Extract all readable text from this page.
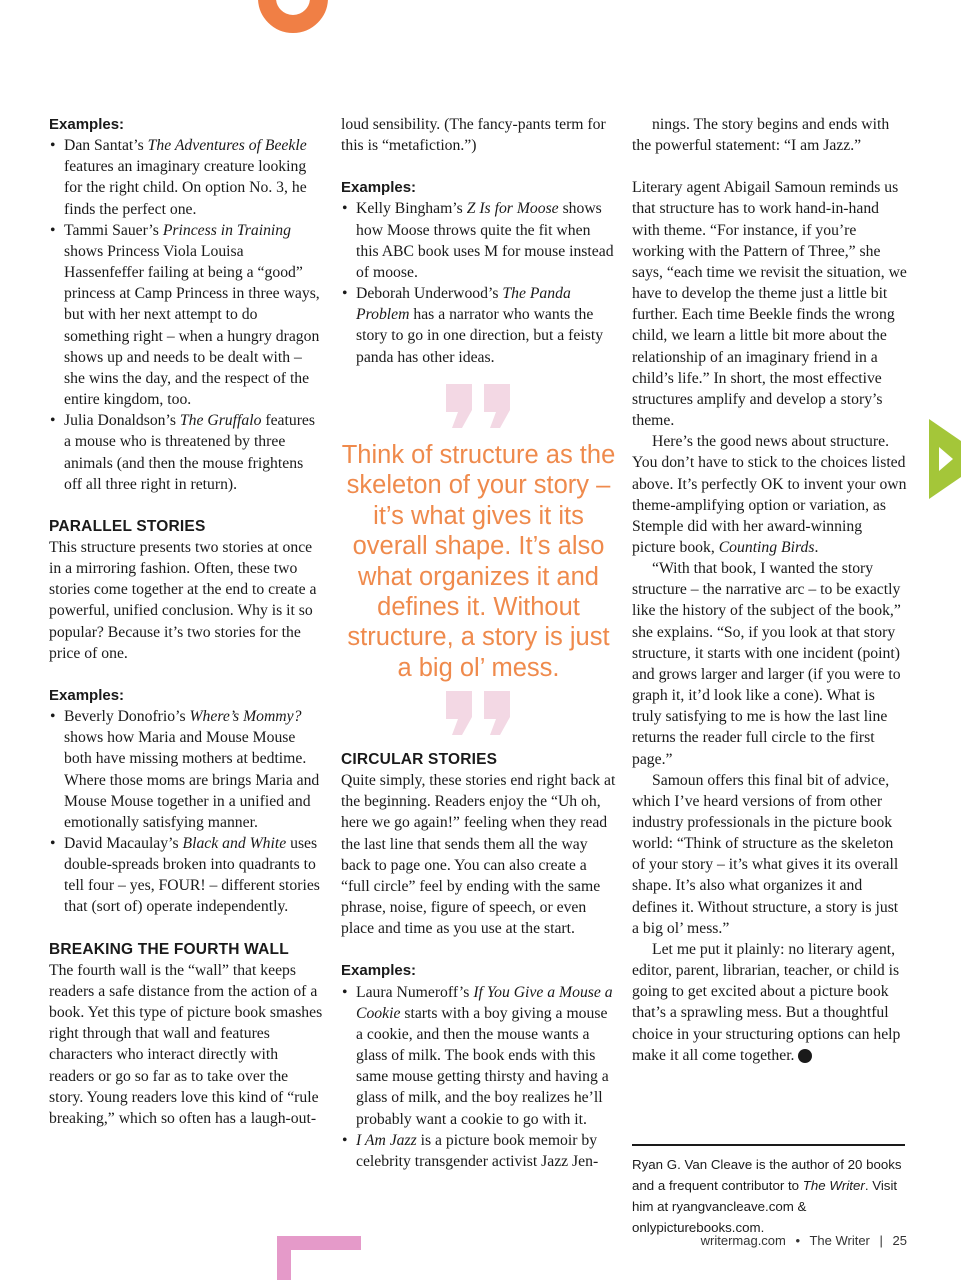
Examples:

• Dan Santat’s The Adventures of Beekle features an imaginary creature looking for the right child. On option No. 3, he finds the perfect one.
• Tammi Sauer’s Princess in Training shows Princess Viola Louisa Hassenfeffer failing at being a “good” princess at Camp Princess in three ways, but with her next attempt to do something right – when a hungry dragon shows up and needs to be dealt with – she wins the day, and the respect of the entire kingdom, too.
• Julia Donaldson’s The Gruffalo features a mouse who is threatened by three animals (and then the mouse frightens off all three right in return).

PARALLEL STORIES

This structure presents two stories at once in a mirroring fashion. Often, these two stories come together at the end to create a powerful, unified conclusion. Why is it so popular? Because it’s two stories for the price of one.

Examples:

• Beverly Donofrio’s Where’s Mommy? shows how Maria and Mouse Mouse both have missing mothers at bedtime. Where those moms are brings Maria and Mouse Mouse together in a unified and emotionally satisfying manner.
• David Macaulay’s Black and White uses double-spreads broken into quadrants to tell four – yes, FOUR! – different stories that (sort of) operate independently.

BREAKING THE FOURTH WALL

The fourth wall is the “wall” that keeps readers a safe distance from the action of a book. Yet this type of picture book smashes right through that wall and features characters who interact directly with readers or go so far as to take over the story. Young readers love this kind of “rule breaking,” which so often has a laugh-out-

loud sensibility. (The fancy-pants term for this is “metafiction.”)

Examples:

• Kelly Bingham’s Z Is for Moose shows how Moose throws quite the fit when this ABC book uses M for mouse instead of moose.
• Deborah Underwood’s The Panda Problem has a narrator who wants the story to go in one direction, but a feisty panda has other ideas.

Think of structure as the skeleton of your story – it’s what gives it its overall shape. It’s also what organizes it and defines it. Without structure, a story is just a big ol’ mess.

CIRCULAR STORIES

Quite simply, these stories end right back at the beginning. Readers enjoy the “Uh oh, here we go again!” feeling when they read the last line that sends them all the way back to page one. You can also create a “full circle” feel by ending with the same phrase, noise, figure of speech, or even place and time as you use at the start.

Examples:

• Laura Numeroff’s If You Give a Mouse a Cookie starts with a boy giving a mouse a cookie, and then the mouse wants a glass of milk. The book ends with this same mouse getting thirsty and having a glass of milk, and the boy realizes he’ll probably want a cookie to go with it.
• I Am Jazz is a picture book memoir by celebrity transgender activist Jazz Jen-

nings. The story begins and ends with the powerful statement: “I am Jazz.”

Literary agent Abigail Samoun reminds us that structure has to work hand-in-hand with theme. “For instance, if you’re working with the Pattern of Three,” she says, “each time we revisit the situation, we have to develop the theme just a little bit further. Each time Beekle finds the wrong child, we learn a little bit more about the relationship of an imaginary friend in a child’s life.” In short, the most effective structures amplify and develop a story’s theme.

Here’s the good news about structure. You don’t have to stick to the choices listed above. It’s perfectly OK to invent your own theme-amplifying option or variation, as Stemple did with her award-winning picture book, Counting Birds.

“With that book, I wanted the story structure – the narrative arc – to be exactly like the history of the subject of the book,” she explains. “So, if you look at that story structure, it starts with one incident (point) and grows larger and larger (if you were to graph it, it’d look like a cone). What is truly satisfying to me is how the last line returns the reader full circle to the first page.”

Samoun offers this final bit of advice, which I’ve heard versions of from other industry professionals in the picture book world: “Think of structure as the skeleton of your story – it’s what gives it its overall shape. It’s also what organizes it and defines it. Without structure, a story is just a big ol’ mess.”

Let me put it plainly: no literary agent, editor, parent, librarian, teacher, or child is going to get excited about a picture book that’s a sprawling mess. But a thoughtful choice in your structuring options can help make it all come together.	W

Ryan G. Van Cleave is the author of 20 books and a frequent contributor to The Writer. Visit him at ryangvancleave.com & onlypicturebooks.com.

writermag.com • The Writer | 25
